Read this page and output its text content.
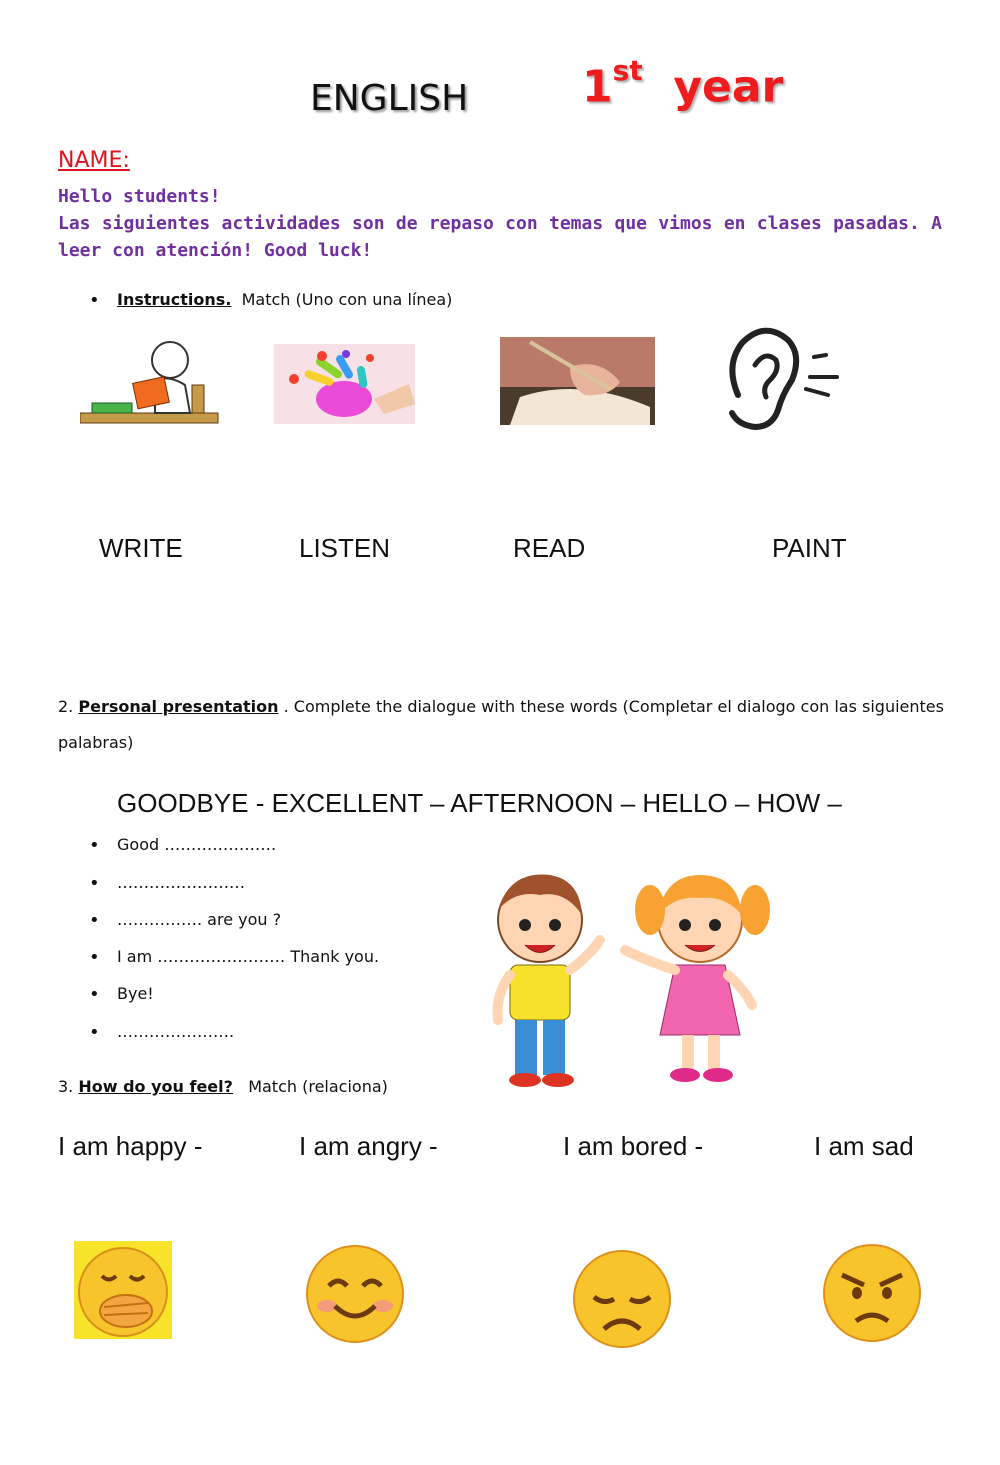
ENGLISH	1st year
NAME:
Hello students!
Las siguientes actividades son de repaso con temas que vimos en clases pasadas. A leer con atención! Good luck!
• Instructions. Match (Uno con una línea)
WRITE	LISTEN	READ	PAINT
2. Personal presentation . Complete the dialogue with these words (Completar el dialogo con las siguientes
palabras)
GOODBYE - EXCELLENT – AFTERNOON – HELLO – HOW –
• Good …………………
• ……………………
• ……………. are you ?
• I am …………………… Thank you.
• Bye!
• ………………….
3. How do you feel? Match (relaciona)
I am happy -	I am angry -	I am bored -	I am sad
